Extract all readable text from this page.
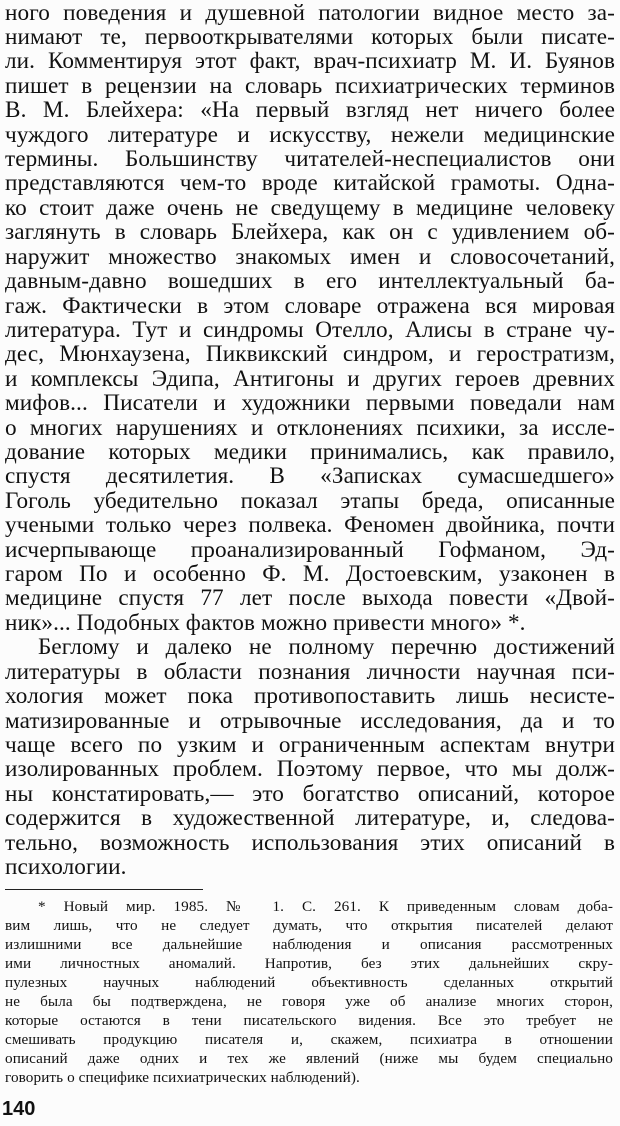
ного поведения и душевной патологии видное место за-
нимают те, первооткрывателями которых были писате-
ли. Комментируя этот факт, врач-психиатр М. И. Буянов
пишет в рецензии на словарь психиатрических терминов
В. М. Блейхера: «На первый взгляд нет ничего более
чуждого литературе и искусству, нежели медицинские
термины. Большинству читателей-неспециалистов они
представляются чем-то вроде китайской грамоты. Одна-
ко стоит даже очень не сведущему в медицине человеку
заглянуть в словарь Блейхера, как он с удивлением об-
наружит множество знакомых имен и словосочетаний,
давным-давно вошедших в его интеллектуальный ба-
гаж. Фактически в этом словаре отражена вся мировая
литература. Тут и синдромы Отелло, Алисы в стране чу-
дес, Мюнхаузена, Пиквикский синдром, и геростратизм,
и комплексы Эдипа, Антигоны и других героев древних
мифов... Писатели и художники первыми поведали нам
о многих нарушениях и отклонениях психики, за иссле-
дование которых медики принимались, как правило,
спустя десятилетия. В «Записках сумасшедшего»
Гоголь убедительно показал этапы бреда, описанные
учеными только через полвека. Феномен двойника, почти
исчерпывающе проанализированный Гофманом, Эд-
гаром По и особенно Ф. М. Достоевским, узаконен в
медицине спустя 77 лет после выхода повести «Двой-
ник»... Подобных фактов можно привести много» *.
Беглому и далеко не полному перечню достижений
литературы в области познания личности научная пси-
хология может пока противопоставить лишь несисте-
матизированные и отрывочные исследования, да и то
чаще всего по узким и ограниченным аспектам внутри
изолированных проблем. Поэтому первое, что мы долж-
ны констатировать,— это богатство описаний, которое
содержится в художественной литературе, и, следова-
тельно, возможность использования этих описаний в
психологии.
* Новый мир. 1985. № 1. С. 261. К приведенным словам доба-
вим лишь, что не следует думать, что открытия писателей делают
излишними все дальнейшие наблюдения и описания рассмотренных
ими личностных аномалий. Напротив, без этих дальнейших скру-
пулезных научных наблюдений объективность сделанных открытий
не была бы подтверждена, не говоря уже об анализе многих сторон,
которые остаются в тени писательского видения. Все это требует не
смешивать продукцию писателя и, скажем, психиатра в отношении
описаний даже одних и тех же явлений (ниже мы будем специально
говорить о специфике психиатрических наблюдений).
140
